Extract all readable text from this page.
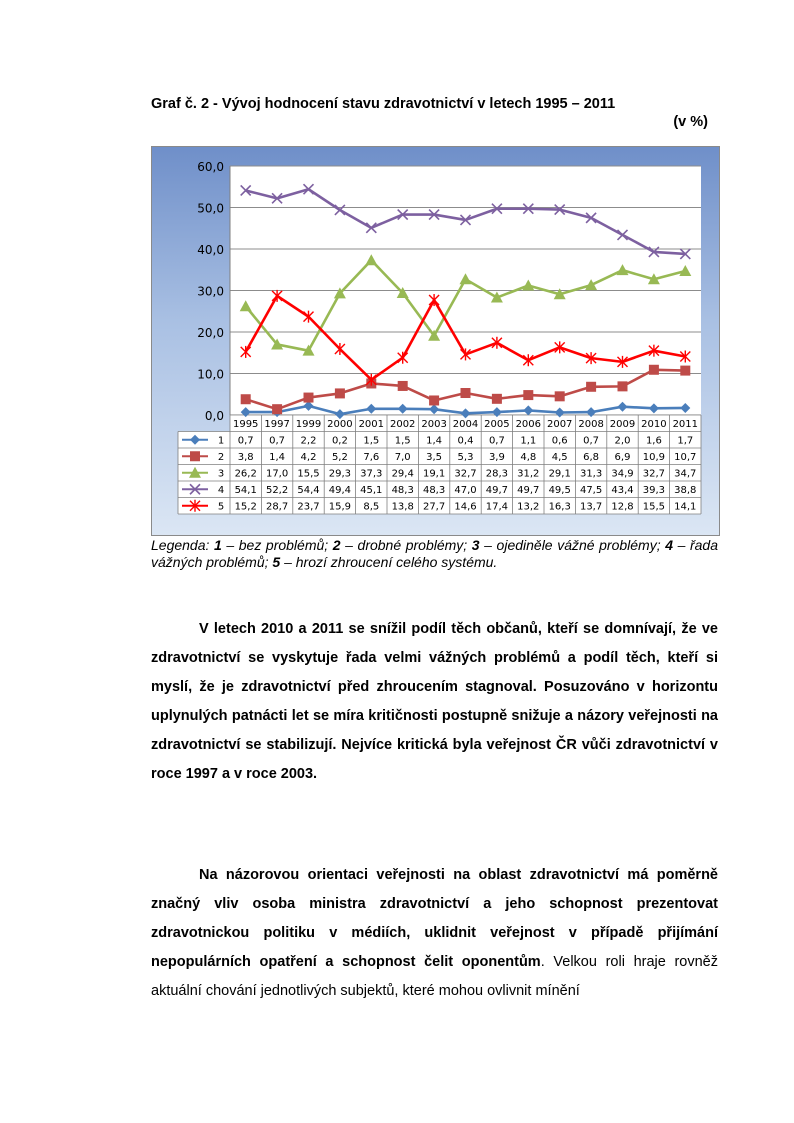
Graf č. 2 - Vývoj hodnocení stavu zdravotnictví v letech 1995 – 2011
(v %)
0,0
10,0
20,0
30,0
40,0
50,0
60,0
1995 1997 1999 2000 2001 2002 2003 2004 2005 2006 2007 2008 2009 2010 2011
1 0,7 0,7 2,2 0,2 1,5 1,5 1,4 0,4 0,7 1,1 0,6 0,7 2,0 1,6 1,7
2 3,8 1,4 4,2 5,2 7,6 7,0 3,5 5,3 3,9 4,8 4,5 6,8 6,9 10,9 10,7
3 26,2 17,0 15,5 29,3 37,3 29,4 19,1 32,7 28,3 31,2 29,1 31,3 34,9 32,7 34,7
4 54,1 52,2 54,4 49,4 45,1 48,3 48,3 47,0 49,7 49,7 49,5 47,5 43,4 39,3 38,8
5 15,2 28,7 23,7 15,9 8,5 13,8 27,7 14,6 17,4 13,2 16,3 13,7 12,8 15,5 14,1
Legenda: 1 – bez problémů; 2 – drobné problémy; 3 – ojediněle vážné problémy; 4 – řada vážných problémů; 5 – hrozí zhroucení celého systému.
V letech 2010 a 2011 se snížil podíl těch občanů, kteří se domnívají, že ve zdravotnictví se vyskytuje řada velmi vážných problémů a podíl těch, kteří si myslí, že je zdravotnictví před zhroucením stagnoval. Posuzováno v horizontu uplynulých patnácti let se míra kritičnosti postupně snižuje a názory veřejnosti na zdravotnictví se stabilizují. Nejvíce kritická byla veřejnost ČR vůči zdravotnictví v roce 1997 a v roce 2003.
Na názorovou orientaci veřejnosti na oblast zdravotnictví má poměrně značný vliv osoba ministra zdravotnictví a jeho schopnost prezentovat zdravotnickou politiku v médiích, uklidnit veřejnost v případě přijímání nepopulárních opatření a schopnost čelit oponentům. Velkou roli hraje rovněž aktuální chování jednotlivých subjektů, které mohou ovlivnit mínění
